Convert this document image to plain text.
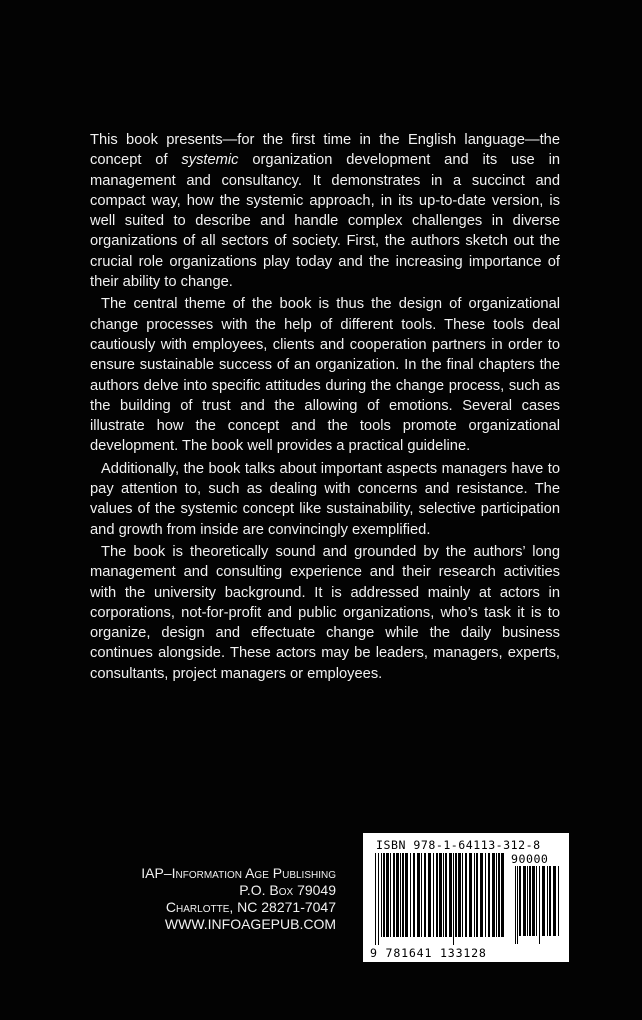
This book presents—for the first time in the English language—the concept of systemic organization development and its use in management and consultancy. It demonstrates in a succinct and compact way, how the systemic approach, in its up-to-date version, is well suited to describe and handle complex challenges in diverse organizations of all sectors of society. First, the authors sketch out the crucial role organizations play today and the increasing importance of their ability to change.

The central theme of the book is thus the design of organizational change processes with the help of different tools. These tools deal cautiously with employees, clients and cooperation partners in order to ensure sustainable success of an organization. In the final chapters the authors delve into specific attitudes during the change process, such as the building of trust and the allowing of emotions. Several cases illustrate how the concept and the tools promote organizational development. The book well provides a practical guideline.

Additionally, the book talks about important aspects managers have to pay attention to, such as dealing with concerns and resistance. The values of the systemic concept like sustainability, selective participation and growth from inside are convincingly exemplified.

The book is theoretically sound and grounded by the authors’ long management and consulting experience and their research activities with the university background. It is addressed mainly at actors in corporations, not-for-profit and public organizations, who’s task it is to organize, design and effectuate change while the daily business continues alongside. These actors may be leaders, managers, experts, consultants, project managers or employees.

IAP–Information Age Publishing
P.O. Box 79049
Charlotte, NC 28271-7047
WWW.INFOAGEPUB.COM
ISBN 978-1-64113-312-8
90000
9 781641 133128
